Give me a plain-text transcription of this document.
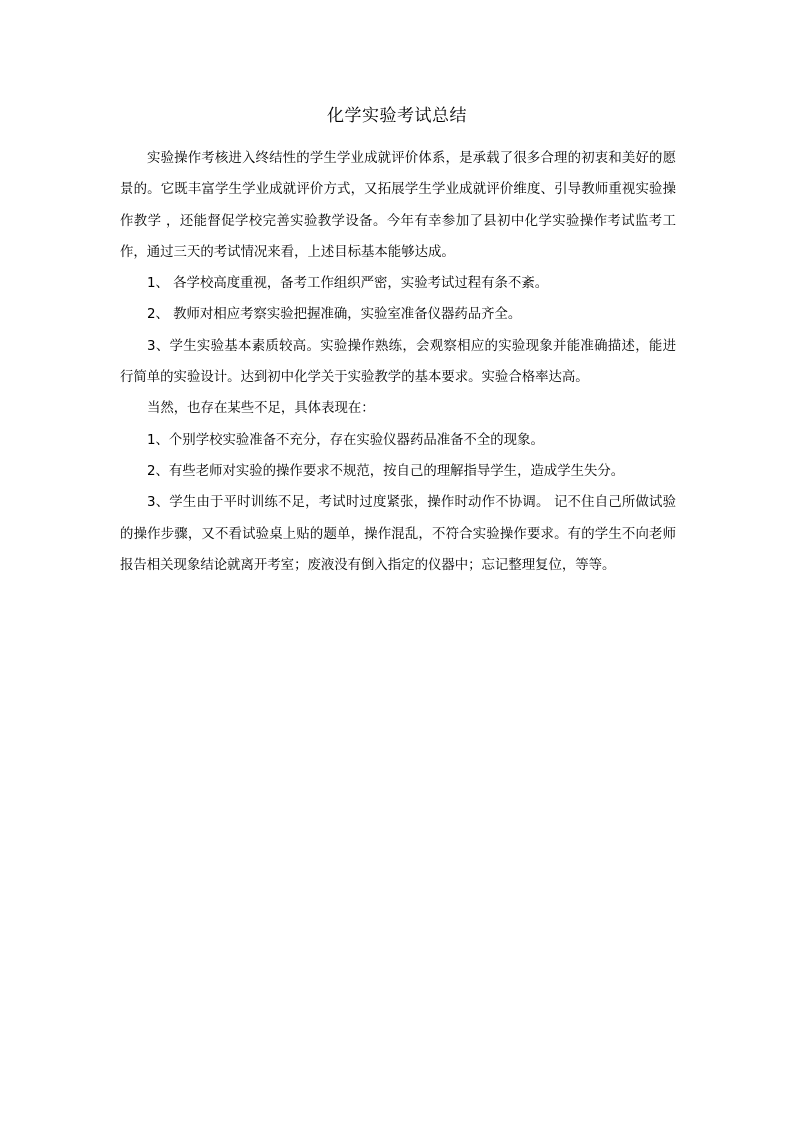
化学实验考试总结

实验操作考核进入终结性的学生学业成就评价体系，是承载了很多合理的初衷和美好的愿景的。它既丰富学生学业成就评价方式，又拓展学生学业成就评价维度、引导教师重视实验操作教学 ，还能督促学校完善实验教学设备。今年有幸参加了县初中化学实验操作考试监考工作，通过三天的考试情况来看，上述目标基本能够达成。

1、 各学校高度重视，备考工作组织严密，实验考试过程有条不紊。

2、 教师对相应考察实验把握准确，实验室准备仪器药品齐全。

3、学生实验基本素质较高。实验操作熟练，会观察相应的实验现象并能准确描述，能进行简单的实验设计。达到初中化学关于实验教学的基本要求。实验合格率达高。

当然，也存在某些不足，具体表现在：

1、个别学校实验准备不充分，存在实验仪器药品准备不全的现象。

2、有些老师对实验的操作要求不规范，按自己的理解指导学生，造成学生失分。

3、学生由于平时训练不足，考试时过度紧张，操作时动作不协调。 记不住自己所做试验的操作步骤，又不看试验桌上贴的题单，操作混乱，不符合实验操作要求。有的学生不向老师报告相关现象结论就离开考室；废液没有倒入指定的仪器中；忘记整理复位，等等。
